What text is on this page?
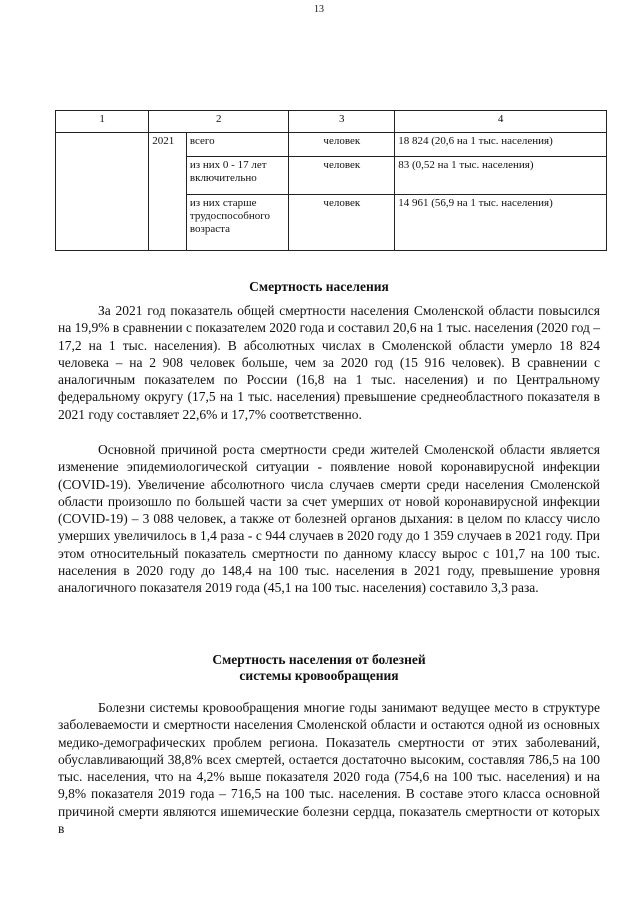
13
1	2		3	4
	2021	всего	человек	18 824 (20,6 на 1 тыс. населения)
		из них 0 - 17 лет включительно	человек	83 (0,52 на 1 тыс. населения)
		из них старше трудоспособного возраста	человек	14 961 (56,9 на 1 тыс. населения)
Смертность населения

За 2021 год показатель общей смертности населения Смоленской области повысился на 19,9% в сравнении с показателем 2020 года и составил 20,6 на 1 тыс. населения (2020 год – 17,2 на 1 тыс. населения). В абсолютных числах в Смоленской области умерло 18 824 человека – на 2 908 человек больше, чем за 2020 год (15 916 человек). В сравнении с аналогичным показателем по России (16,8 на 1 тыс. населения) и по Центральному федеральному округу (17,5 на 1 тыс. населения) превышение среднеобластного показателя в 2021 году составляет 22,6% и 17,7% соответственно.

Основной причиной роста смертности среди жителей Смоленской области является изменение эпидемиологической ситуации - появление новой коронавирусной инфекции (COVID-19). Увеличение абсолютного числа случаев смерти среди населения Смоленской области произошло по большей части за счет умерших от новой коронавирусной инфекции (COVID-19) – 3 088 человек, а также от болезней органов дыхания: в целом по классу число умерших увеличилось в 1,4 раза - с 944 случаев в 2020 году до 1 359 случаев в 2021 году. При этом относительный показатель смертности по данному классу вырос с 101,7 на 100 тыс. населения в 2020 году до 148,4 на 100 тыс. населения в 2021 году, превышение уровня аналогичного показателя 2019 года (45,1 на 100 тыс. населения) составило 3,3 раза.

Смертность населения от болезней
системы кровообращения

Болезни системы кровообращения многие годы занимают ведущее место в структуре заболеваемости и смертности населения Смоленской области и остаются одной из основных медико-демографических проблем региона. Показатель смертности от этих заболеваний, обуславливающий 38,8% всех смертей, остается достаточно высоким, составляя 786,5 на 100 тыс. населения, что на 4,2% выше показателя 2020 года (754,6 на 100 тыс. населения) и на 9,8% показателя 2019 года – 716,5 на 100 тыс. населения. В составе этого класса основной причиной смерти являются ишемические болезни сердца, показатель смертности от которых в
